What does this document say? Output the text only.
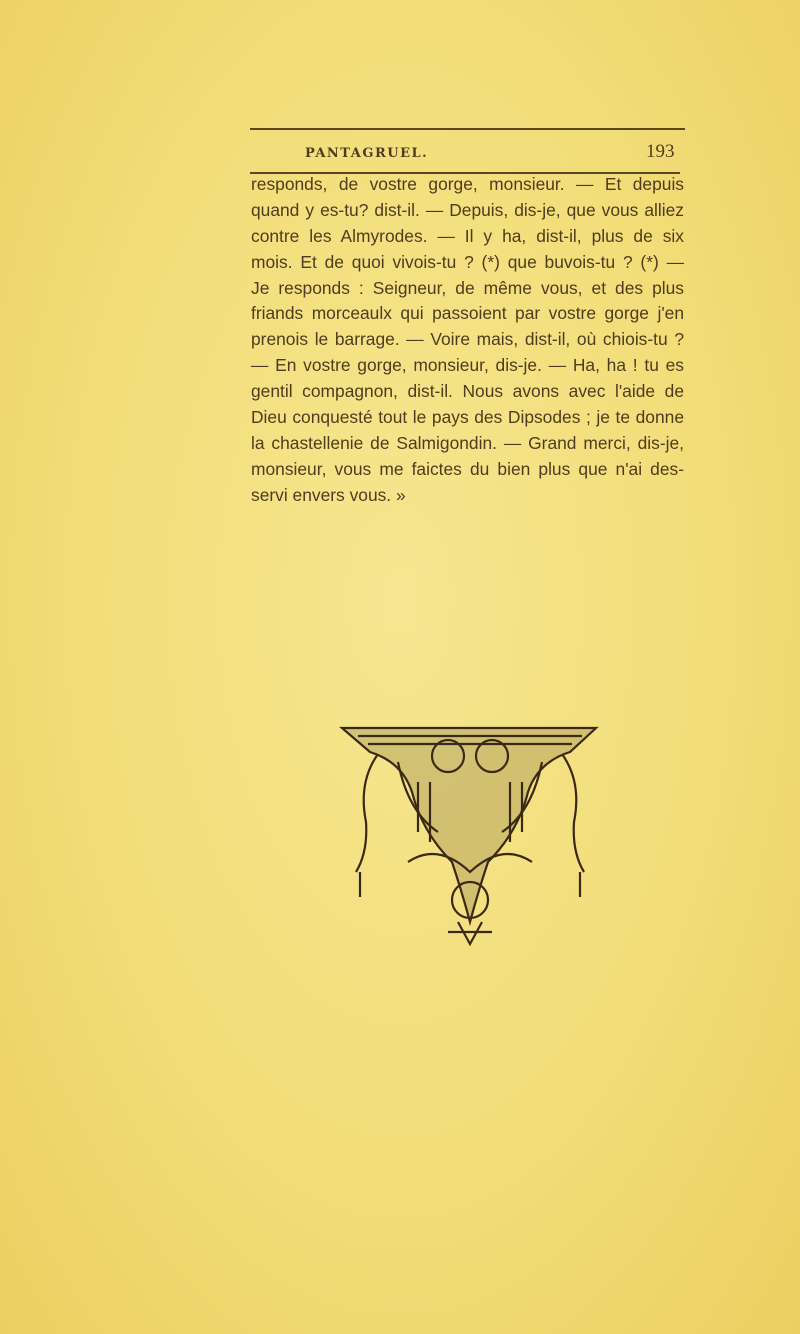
PANTAGRUEL.	193
responds, de vostre gorge, monsieur. — Et depuis
quand y es-tu? dist-il. — Depuis, dis-je, que vous alliez
contre les Almyrodes. — Il y ha, dist-il, plus de six
mois. Et de quoi vivois-tu ? (*) que buvois-tu ? (*) —
Je responds : Seigneur, de même vous, et des plus
friands morceaulx qui passoient par vostre gorge j'en
prenois le barrage. — Voire mais, dist-il, où chiois-tu ?
— En vostre gorge, monsieur, dis-je. — Ha, ha ! tu es
gentil compagnon, dist-il. Nous avons avec l'aide de
Dieu conquesté tout le pays des Dipsodes ; je te donne
la chastellenie de Salmigondin. — Grand merci, dis-je,
monsieur, vous me faictes du bien plus que n'ai des-
servi envers vous. »
